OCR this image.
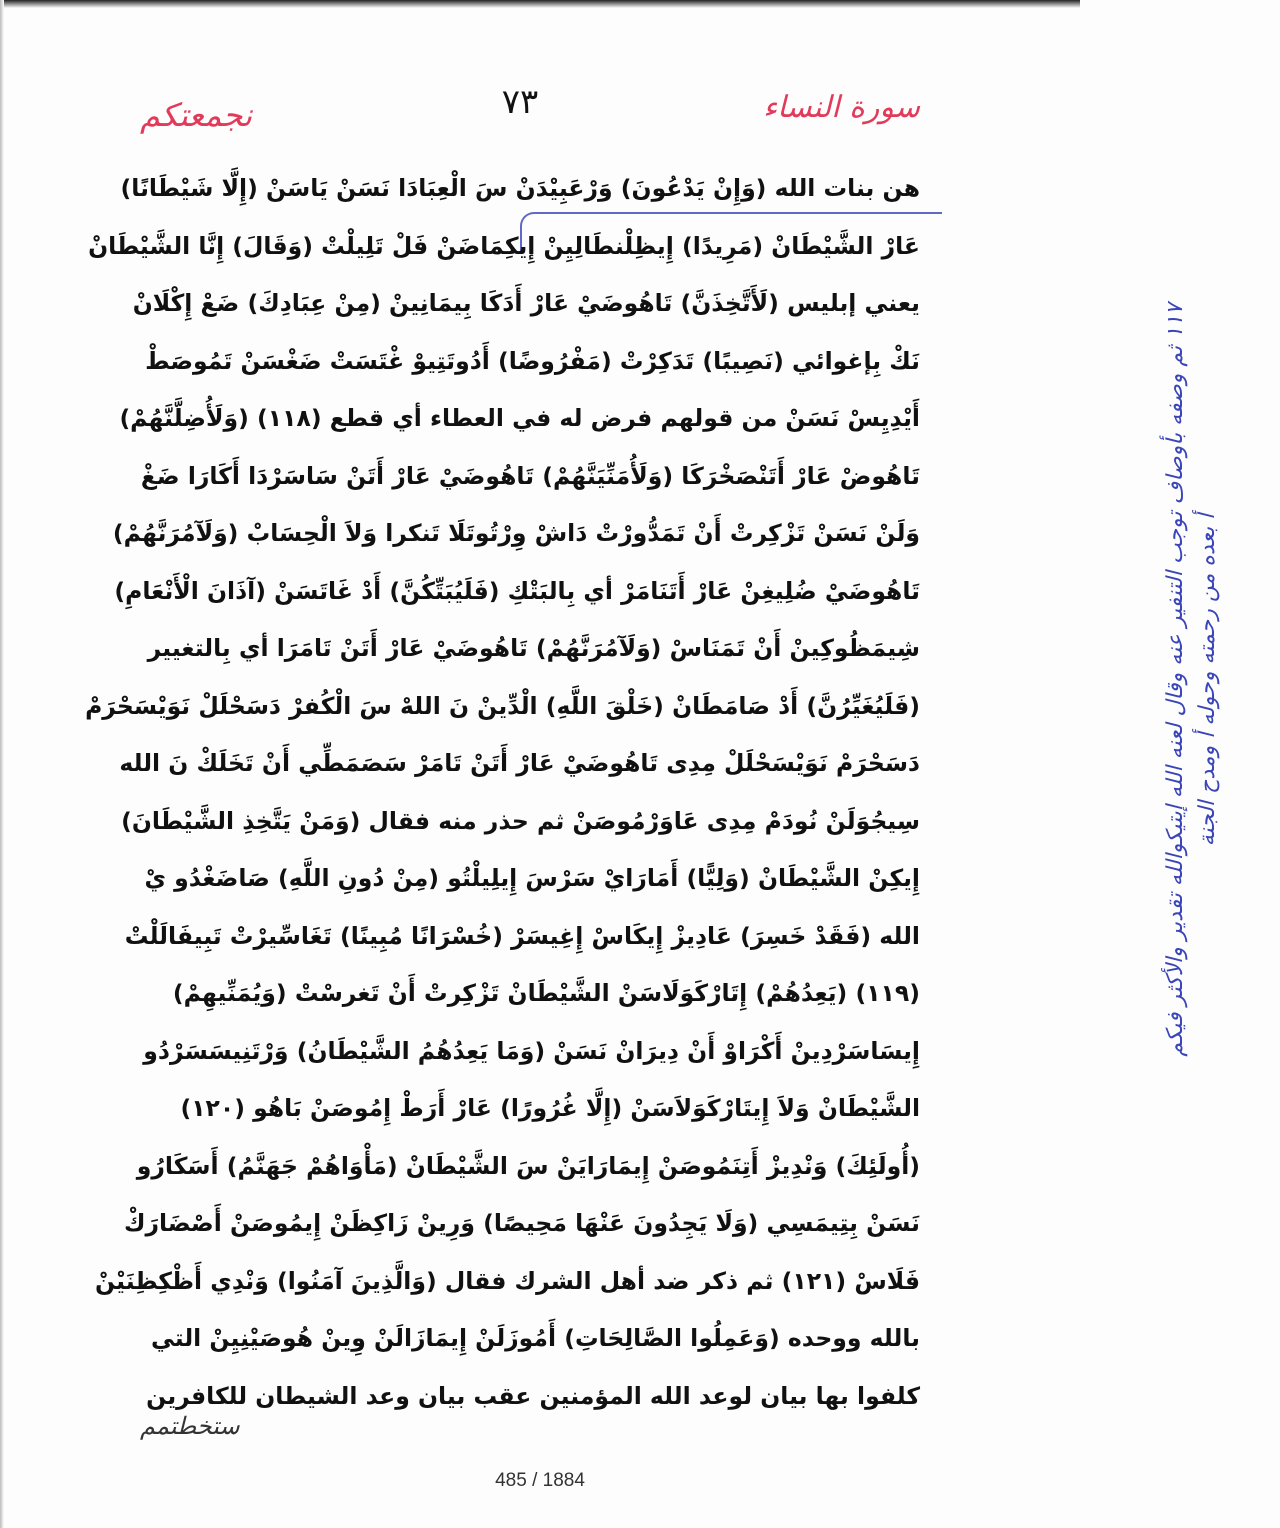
نجمعتكم	٧٣	سورة النساء
هن بنات الله (وَإِنْ يَدْعُونَ) وَرْعَبِيْدَنْ سَ الْعِبَادَا نَسَنْ يَاسَنْ (إِلَّا شَيْطَانًا)
عَارْ الشَّيْطَانْ (مَرِيدًا) إِيظِلْنطَالِيِنْ إِيكِمَاضَنْ فَلْ تَلِيلْتْ (وَقَالَ) إِنَّا الشَّيْطَانْ
يعني إبليس (لَأَتَّخِذَنَّ) تَاهُوضَيْ عَارْ أَدَكَا بِيمَانِينْ (مِنْ عِبَادِكَ) ضَعْ إِكْلَانْ
نَكْ بِإغوائي (نَصِيبًا) تَدَكِرْتْ (مَفْرُوضًا) أَدُوتَتِيوْ غْتَسَتْ ضَغْسَنْ تَمُوصَطْ
أَيْدِيِسْ نَسَنْ من قولهم فرض له في العطاء أي قطع (١١٨) (وَلَأُضِلَّنَّهُمْ)
تَاهُوضْ عَارْ أَتَنْصَخْرَكَا (وَلَأُمَنِّيَنَّهُمْ) تَاهُوضَيْ عَارْ أَتَنْ سَاسَرْدَا أَكَارَا ضَغْ
وَلَنْ نَسَنْ تَزْكِرتْ أَنْ تَمَدُّورْتْ دَاشْ وِرْتُوتَلَا تَنكرا وَلاَ الْحِسَابْ (وَلَآمُرَنَّهُمْ)
تَاهُوضَيْ ضُلِيغِنْ عَارْ أَتَنَامَرْ أي بِالبَتْكِ (فَلَيُبَتِّكُنَّ) أَدْ غَاتَسَنْ (آذَانَ الْأَنْعَامِ)
شِيمَظُوكِينْ أَنْ تَمَنَاسْ (وَلَآمُرَنَّهُمْ) تَاهُوضَيْ عَارْ أَتَنْ تَامَرَا أي بِالتغيير
(فَلَيُغَيِّرُنَّ) أَدْ صَامَطَانْ (خَلْقَ اللَّهِ) الْدِّينْ نَ اللهْ سَ الْكُفرْ دَسَحْلَلْ نَوَيْسَحْرَمْ
دَسَحْرَمْ نَوَيْسَحْلَلْ مِدِى تَاهُوضَيْ عَارْ أَتَنْ تَامَرْ سَصَمَطِّي أَنْ تَخَلَكْ نَ الله
سِيجُوَلَنْ نُودَمْ مِدِى عَاوَرْمُوصَنْ ثم حذر منه فقال (وَمَنْ يَتَّخِذِ الشَّيْطَانَ)
إِيكِنْ الشَّيْطَانْ (وَلِيًّا) أَمَارَايْ سَرْسَ إِيلِيلْتُو (مِنْ دُونِ اللَّهِ) صَاضَغْدُو يْ
الله (فَقَدْ خَسِرَ) عَادِيزْ إِيكَاسْ إِغِيسَرْ (خُسْرَانًا مُبِينًا) تَغَاسِّيرْتْ تَبِيفَالَلْتْ
(١١٩) (يَعِدُهُمْ) إِتَارْكَوَلَاسَنْ الشَّيْطَانْ تَزْكِرتْ أَنْ تَغرسْتْ (وَيُمَنِّيهِمْ)
إِيسَاسَرْدِينْ أَكْرَاوْ أَنْ دِيرَانْ نَسَنْ (وَمَا يَعِدُهُمُ الشَّيْطَانُ) وَرْتَنِيسَسَرْدُو
الشَّيْطَانْ وَلاَ إِيتَارْكَوَلاَسَنْ (إِلَّا غُرُورًا) عَارْ أَرَطْ إِمُوصَنْ بَاهُو (١٢٠)
(أُولَئِكَ) وَنْدِيزْ أَتِنَمُوصَنْ إِيمَارَايَنْ سَ الشَّيْطَانْ (مَأْوَاهُمْ جَهَنَّمُ) أَسَكَارُو
نَسَنْ بِتِيمَسِي (وَلَا يَجِدُونَ عَنْهَا مَحِيصًا) وَرِينْ زَاكِظَنْ إِيمُوصَنْ أَصْضَارَكْ
فَلَاسْ (١٢١) ثم ذكر ضد أهل الشرك فقال (وَالَّذِينَ آمَنُوا) وَنْدِي أَظْكِظِنَيْنْ
بالله ووحده (وَعَمِلُوا الصَّالِحَاتِ) أَمُوزَلَنْ إِيمَازَالَنْ وِينْ هُوصَيْنِيِنْ التي
كلفوا بها بيان لوعد الله المؤمنين عقب بيان وعد الشيطان للكافرين
١١٧ ثم وصفه بأوصاف توجب التنفير عنه وقال لعنه الله إيتيكوالله تقدير والأكثر فيكم أ بعده من رحمته وحوله أ ومدح الجنة
ستخطتمم
485 / 1884
